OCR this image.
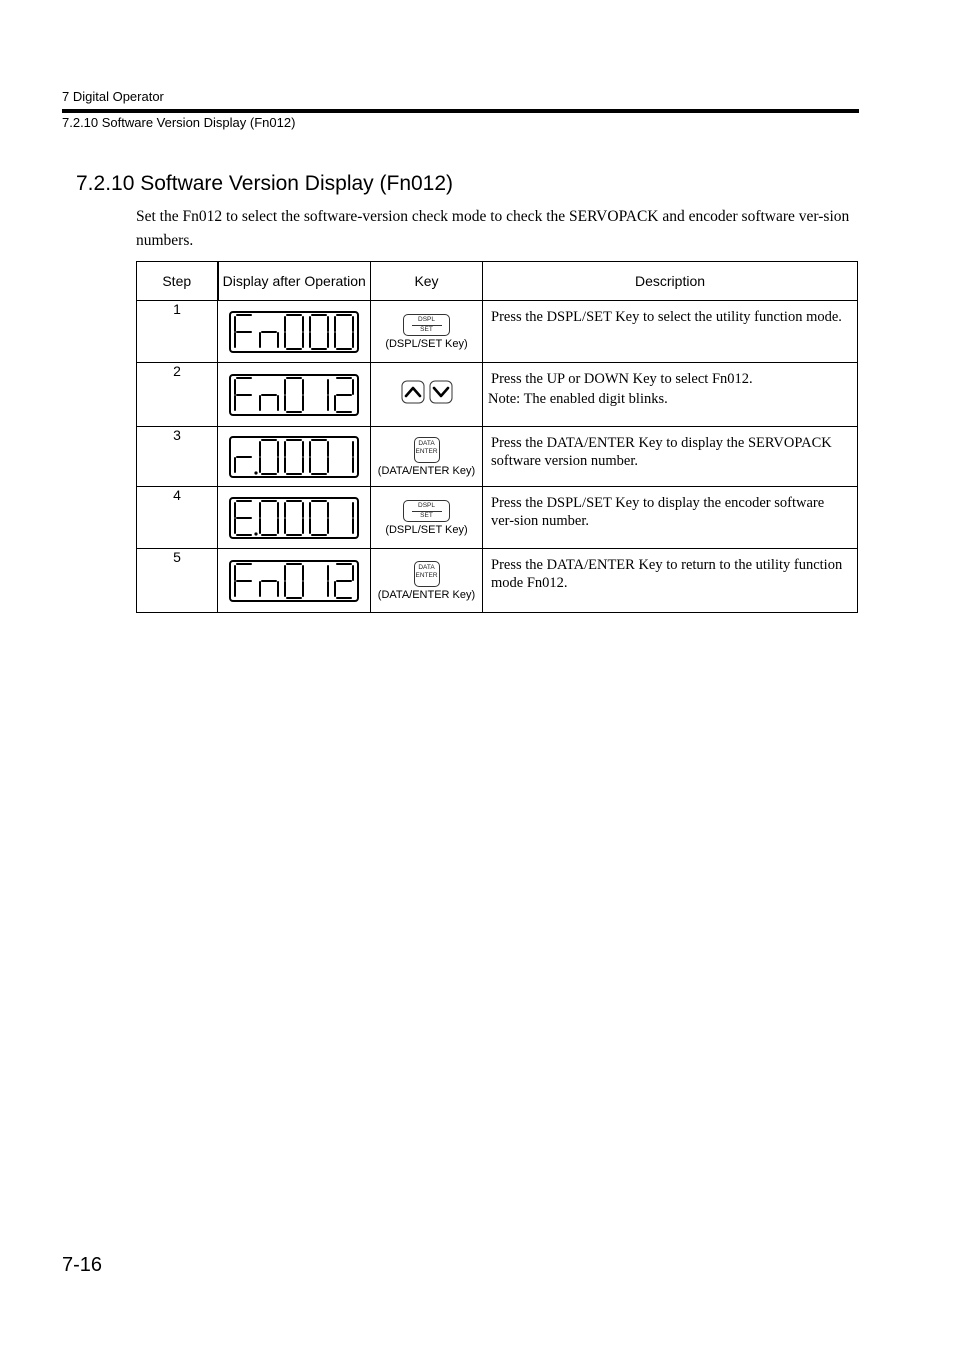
7 Digital Operator
7.2.10 Software Version Display (Fn012)
7.2.10 Software Version Display (Fn012)

Set the Fn012 to select the software-version check mode to check the SERVOPACK and encoder software ver-sion numbers.

Step	Display after Operation	Key	Description
1		DSPL
SET
(DSPL/SET Key)	Press the DSPL/SET Key to select the utility function mode.

2			Press the UP or DOWN Key to select Fn012.
Note: The enabled digit blinks.

3		DATA
ENTER
(DATA/ENTER Key)	Press the DATA/ENTER Key to display the SERVOPACK software version number.

4		DSPL
SET
(DSPL/SET Key)	Press the DSPL/SET Key to display the encoder software ver-sion number.

5		DATA
ENTER
(DATA/ENTER Key)	Press the DATA/ENTER Key to return to the utility function mode Fn012.
7-16
